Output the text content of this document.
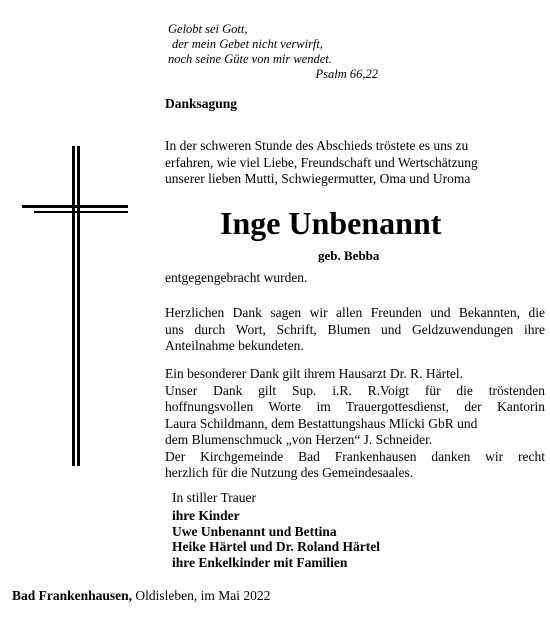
Gelobt sei Gott,
der mein Gebet nicht verwirft,
noch seine Güte von mir wendet.
Psalm 66,22
Danksagung
In der schweren Stunde des Abschieds tröstete es uns zu
erfahren, wie viel Liebe, Freundschaft und Wertschätzung
unserer lieben Mutti, Schwiegermutter, Oma und Uroma
Inge Unbenannt
geb. Bebba
entgegengebracht wurden.
Herzlichen Dank sagen wir allen Freunden und Bekannten, die
uns durch Wort, Schrift, Blumen und Geldzuwendungen ihre
Anteilnahme bekundeten.
Ein besonderer Dank gilt ihrem Hausarzt Dr. R. Härtel.
Unser Dank gilt Sup. i.R. R.Voigt für die tröstenden
hoffnungsvollen Worte im Trauergottesdienst, der Kantorin
Laura Schildmann, dem Bestattungshaus Mlicki GbR und
dem Blumenschmuck „von Herzen“ J. Schneider.
Der Kirchgemeinde Bad Frankenhausen danken wir recht
herzlich für die Nutzung des Gemeindesaales.
In stiller Trauer
ihre Kinder
Uwe Unbenannt und Bettina
Heike Härtel und Dr. Roland Härtel
ihre Enkelkinder mit Familien
Bad Frankenhausen, Oldisleben, im Mai 2022
